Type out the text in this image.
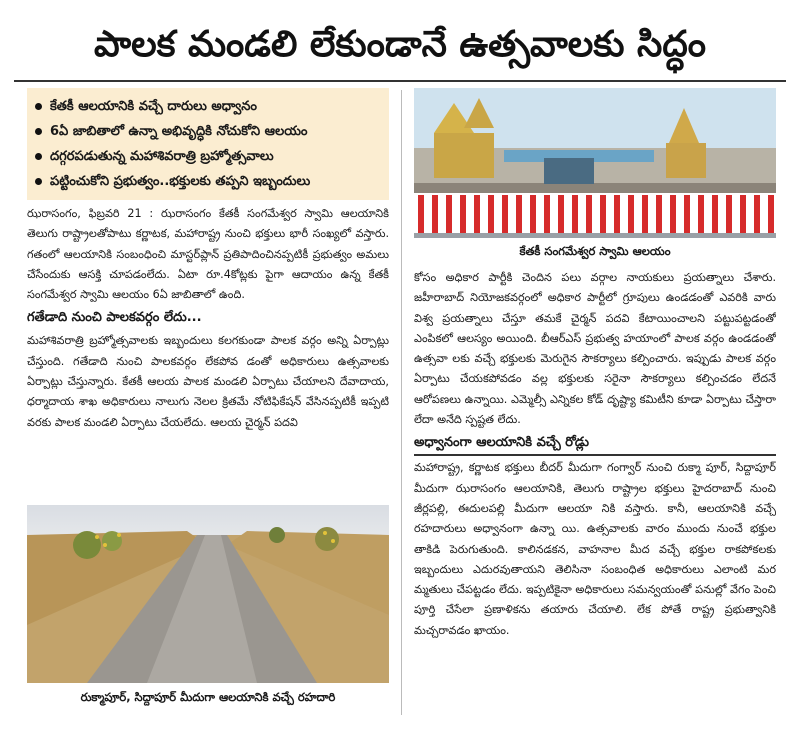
పాలక మండలి లేకుండానే ఉత్సవాలకు సిద్ధం
కేతకీ ఆలయానికి వచ్చే దారులు అధ్వానం
6ఏ జాబితాలో ఉన్నా అభివృద్ధికి నోచుకోని ఆలయం
దగ్గరపడుతున్న మహాశివరాత్రి బ్రహ్మోత్సవాలు
పట్టించుకోని ప్రభుత్వం..భక్తులకు తప్పని ఇబ్బందులు

ఝరాసంగం, ఫిబ్రవరి 21 : ఝరాసంగం కేతకీ సంగమేశ్వర స్వామి ఆలయానికి తెలుగు రాష్ట్రాలతోపాటు కర్ణాటక, మహారాష్ట్ర నుంచి భక్తులు భారీ సంఖ్యలో వస్తారు. గతంలో ఆలయానికి సంబంధించి మాస్టర్‌ప్లాన్ ప్రతిపాదించినప్పటికీ ప్రభుత్వం అమలు చేసేందుకు ఆసక్తి చూపడంలేదు. ఏటా రూ.4కోట్లకు పైగా ఆదాయం ఉన్న కేతకీ సంగమేశ్వర స్వామి ఆలయం 6ఏ జాబితాలో ఉంది.

గతేడాది నుంచి పాలకవర్గం లేదు...

మహాశివరాత్రి బ్రహ్మోత్సవాలకు ఇబ్బందులు కలగకుండా పాలక వర్గం అన్ని ఏర్పాట్లు చేస్తుంది. గతేడాది నుంచి పాలకవర్గం లేకపోవ డంతో అధికారులు ఉత్సవాలకు ఏర్పాట్లు చేస్తున్నారు. కేతకీ ఆలయ పాలక మండలి ఏర్పాటు చేయాలని దేవాదాయ, ధర్మాదాయ శాఖ అధికారులు నాలుగు నెలల క్రితమే నోటిఫికేషన్ వేసినప్పటికీ ఇప్పటి వరకు పాలక మండలి ఏర్పాటు చేయలేదు. ఆలయ చైర్మన్ పదవి

రుక్మాపూర్, సిద్దాపూర్ మీదుగా ఆలయానికి వచ్చే రహదారి
కేతకీ సంగమేశ్వర స్వామి ఆలయం

కోసం అధికార పార్టీకి చెందిన పలు వర్గాల నాయకులు ప్రయత్నాలు చేశారు. జహీరాబాద్ నియోజకవర్గంలో అధికార పార్టీలో గ్రూపులు ఉండడంతో ఎవరికి వారు విశ్వ ప్రయత్నాలు చేస్తూ తమకే చైర్మన్ పదవి కేటాయించాలని పట్టుపట్టడంతో ఎంపికలో ఆలస్యం అయింది. బీఆర్ఎస్ ప్రభుత్వ హయాంలో పాలక వర్గం ఉండడంతో ఉత్సవా లకు వచ్చే భక్తులకు మెరుగైన సౌకర్యాలు కల్పించారు. ఇప్పుడు పాలక వర్గం ఏర్పాటు చేయకపోవడం వల్ల భక్తులకు సరైనా సౌకర్యాలు కల్పించడం లేదనే ఆరోపణలు ఉన్నాయి. ఎమ్మెల్సీ ఎన్నికల కోడ్ దృష్ట్యా కమిటీని కూడా ఏర్పాటు చేస్తారా లేదా అనేది స్పష్టత లేదు.

అధ్వానంగా ఆలయానికి వచ్చే రోడ్లు

మహారాష్ట్ర, కర్ణాటక భక్తులు బీదర్ మీదుగా గంగ్వార్ నుంచి రుక్మా పూర్, సిద్దాపూర్ మీదుగా ఝరాసంగం ఆలయానికి, తెలుగు రాష్ట్రాల భక్తులు హైదరాబాద్ నుంచి జీర్లపల్లి, ఈదులపల్లి మీదుగా ఆలయా నికి వస్తారు. కానీ, ఆలయానికి వచ్చే రహదారులు అధ్వానంగా ఉన్నా యి. ఉత్సవాలకు వారం ముందు నుంచే భక్తుల తాకిడి పెరుగుతుంది. కాలినడకన, వాహనాల మీద వచ్చే భక్తుల రాకపోకలకు ఇబ్బందులు ఎదురవుతాయని తెలిసినా సంబంధిత అధికారులు ఎలాంటి మర మ్మతులు చేపట్టడం లేదు. ఇప్పటికైనా అధికారులు సమన్వయంతో పనుల్లో వేగం పెంచి పూర్తి చేసేలా ప్రణాళికను తయారు చేయాలి. లేక పోతే రాష్ట్ర ప్రభుత్వానికి మచ్చరావడం ఖాయం.
